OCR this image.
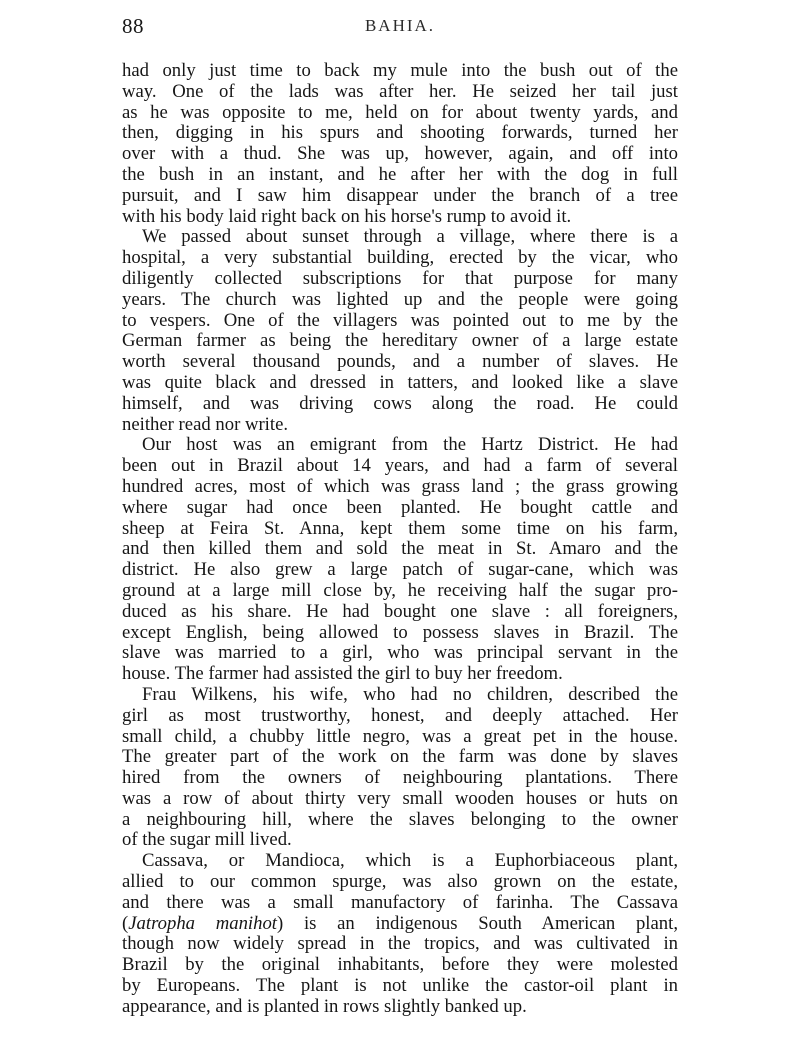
88	BAHIA.
had only just time to back my mule into the bush out of the
way. One of the lads was after her. He seized her tail just
as he was opposite to me, held on for about twenty yards, and
then, digging in his spurs and shooting forwards, turned her
over with a thud. She was up, however, again, and off into
the bush in an instant, and he after her with the dog in full
pursuit, and I saw him disappear under the branch of a tree
with his body laid right back on his horse's rump to avoid it.
We passed about sunset through a village, where there is a
hospital, a very substantial building, erected by the vicar, who
diligently collected subscriptions for that purpose for many
years. The church was lighted up and the people were going
to vespers. One of the villagers was pointed out to me by the
German farmer as being the hereditary owner of a large estate
worth several thousand pounds, and a number of slaves. He
was quite black and dressed in tatters, and looked like a slave
himself, and was driving cows along the road. He could
neither read nor write.
Our host was an emigrant from the Hartz District. He had
been out in Brazil about 14 years, and had a farm of several
hundred acres, most of which was grass land ; the grass growing
where sugar had once been planted. He bought cattle and
sheep at Feira St. Anna, kept them some time on his farm,
and then killed them and sold the meat in St. Amaro and the
district. He also grew a large patch of sugar-cane, which was
ground at a large mill close by, he receiving half the sugar pro-
duced as his share. He had bought one slave : all foreigners,
except English, being allowed to possess slaves in Brazil. The
slave was married to a girl, who was principal servant in the
house. The farmer had assisted the girl to buy her freedom.
Frau Wilkens, his wife, who had no children, described the
girl as most trustworthy, honest, and deeply attached. Her
small child, a chubby little negro, was a great pet in the house.
The greater part of the work on the farm was done by slaves
hired from the owners of neighbouring plantations. There
was a row of about thirty very small wooden houses or huts on
a neighbouring hill, where the slaves belonging to the owner
of the sugar mill lived.
Cassava, or Mandioca, which is a Euphorbiaceous plant,
allied to our common spurge, was also grown on the estate,
and there was a small manufactory of farinha. The Cassava
(Jatropha manihot) is an indigenous South American plant,
though now widely spread in the tropics, and was cultivated in
Brazil by the original inhabitants, before they were molested
by Europeans. The plant is not unlike the castor-oil plant in
appearance, and is planted in rows slightly banked up.
